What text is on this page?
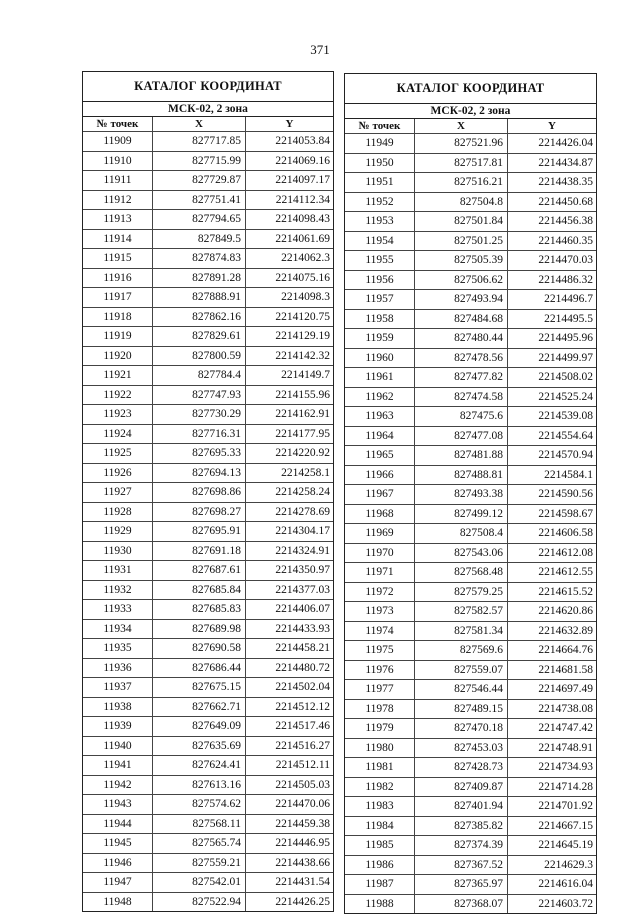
371
КАТАЛОГ КООРДИНАТ
МСК-02, 2 зона
№ точек	X	Y
11909	827717.85	2214053.84
11910	827715.99	2214069.16
11911	827729.87	2214097.17
11912	827751.41	2214112.34
11913	827794.65	2214098.43
11914	827849.5	2214061.69
11915	827874.83	2214062.3
11916	827891.28	2214075.16
11917	827888.91	2214098.3
11918	827862.16	2214120.75
11919	827829.61	2214129.19
11920	827800.59	2214142.32
11921	827784.4	2214149.7
11922	827747.93	2214155.96
11923	827730.29	2214162.91
11924	827716.31	2214177.95
11925	827695.33	2214220.92
11926	827694.13	2214258.1
11927	827698.86	2214258.24
11928	827698.27	2214278.69
11929	827695.91	2214304.17
11930	827691.18	2214324.91
11931	827687.61	2214350.97
11932	827685.84	2214377.03
11933	827685.83	2214406.07
11934	827689.98	2214433.93
11935	827690.58	2214458.21
11936	827686.44	2214480.72
11937	827675.15	2214502.04
11938	827662.71	2214512.12
11939	827649.09	2214517.46
11940	827635.69	2214516.27
11941	827624.41	2214512.11
11942	827613.16	2214505.03
11943	827574.62	2214470.06
11944	827568.11	2214459.38
11945	827565.74	2214446.95
11946	827559.21	2214438.66
11947	827542.01	2214431.54
11948	827522.94	2214426.25
КАТАЛОГ КООРДИНАТ
МСК-02, 2 зона
№ точек	X	Y
11949	827521.96	2214426.04
11950	827517.81	2214434.87
11951	827516.21	2214438.35
11952	827504.8	2214450.68
11953	827501.84	2214456.38
11954	827501.25	2214460.35
11955	827505.39	2214470.03
11956	827506.62	2214486.32
11957	827493.94	2214496.7
11958	827484.68	2214495.5
11959	827480.44	2214495.96
11960	827478.56	2214499.97
11961	827477.82	2214508.02
11962	827474.58	2214525.24
11963	827475.6	2214539.08
11964	827477.08	2214554.64
11965	827481.88	2214570.94
11966	827488.81	2214584.1
11967	827493.38	2214590.56
11968	827499.12	2214598.67
11969	827508.4	2214606.58
11970	827543.06	2214612.08
11971	827568.48	2214612.55
11972	827579.25	2214615.52
11973	827582.57	2214620.86
11974	827581.34	2214632.89
11975	827569.6	2214664.76
11976	827559.07	2214681.58
11977	827546.44	2214697.49
11978	827489.15	2214738.08
11979	827470.18	2214747.42
11980	827453.03	2214748.91
11981	827428.73	2214734.93
11982	827409.87	2214714.28
11983	827401.94	2214701.92
11984	827385.82	2214667.15
11985	827374.39	2214645.19
11986	827367.52	2214629.3
11987	827365.97	2214616.04
11988	827368.07	2214603.72
